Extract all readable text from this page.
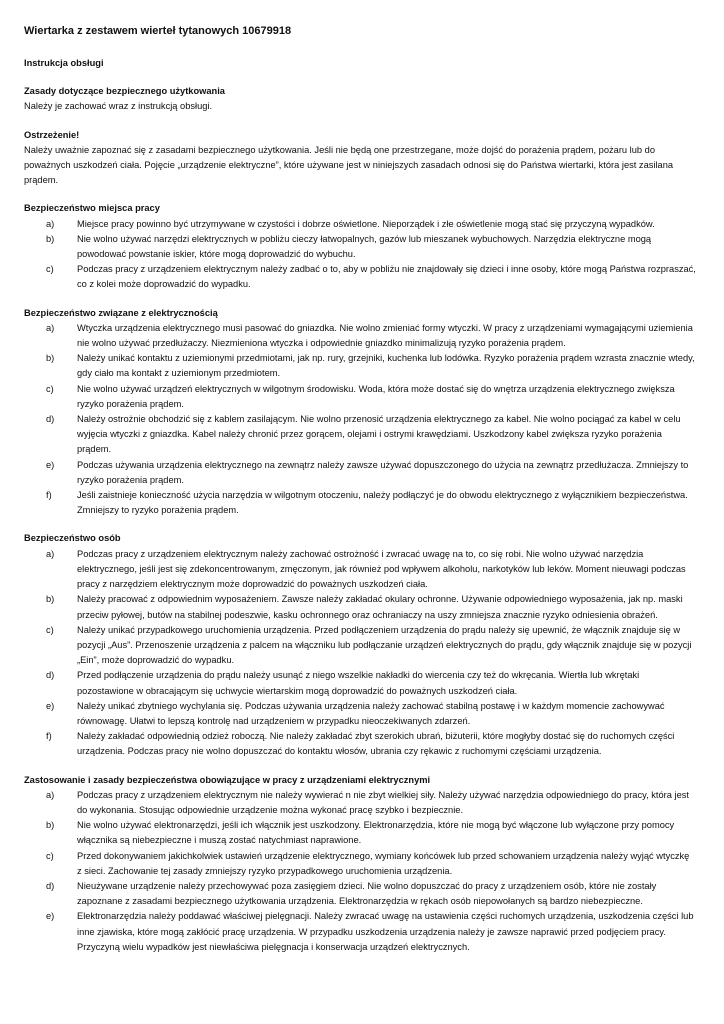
Wiertarka z zestawem wierteł tytanowych 10679918
Instrukcja obsługi
Zasady dotyczące bezpiecznego użytkowania
Należy je zachować wraz z instrukcją obsługi.
Ostrzeżenie!
Należy uważnie zapoznać się z zasadami bezpiecznego użytkowania. Jeśli nie będą one przestrzegane, może dojść do porażenia prądem, pożaru lub do poważnych uszkodzeń ciała. Pojęcie „urządzenie elektryczne”, które używane jest w niniejszych zasadach odnosi się do Państwa wiertarki, która jest zasilana prądem.
Bezpieczeństwo miejsca pracy
a)	Miejsce pracy powinno być utrzymywane w czystości i dobrze oświetlone. Nieporządek i złe oświetlenie mogą stać się przyczyną wypadków.
b)	Nie wolno używać narzędzi elektrycznych w pobliżu cieczy łatwopalnych, gazów lub mieszanek wybuchowych. Narzędzia elektryczne mogą powodować powstanie iskier, które mogą doprowadzić do wybuchu.
c)	Podczas pracy z urządzeniem elektrycznym należy zadbać o to, aby w pobliżu nie znajdowały się dzieci i inne osoby, które mogą Państwa rozpraszać, co z kolei może doprowadzić do wypadku.
Bezpieczeństwo związane z elektrycznością
a)	Wtyczka urządzenia elektrycznego musi pasować do gniazdka. Nie wolno zmieniać formy wtyczki. W pracy z urządzeniami wymagającymi uziemienia nie wolno używać przedłużaczy. Niezmieniona wtyczka i odpowiednie gniazdko minimalizują ryzyko porażenia prądem.
b)	Należy unikać kontaktu z uziemionymi przedmiotami, jak np. rury, grzejniki, kuchenka lub lodówka. Ryzyko porażenia prądem wzrasta znacznie wtedy, gdy ciało ma kontakt z uziemionym przedmiotem.
c)	Nie wolno używać urządzeń elektrycznych w wilgotnym środowisku. Woda, która może dostać się do wnętrza urządzenia elektrycznego zwiększa ryzyko porażenia prądem.
d)	Należy ostrożnie obchodzić się z kablem zasilającym. Nie wolno przenosić urządzenia elektrycznego za kabel. Nie wolno pociągać za kabel w celu wyjęcia wtyczki z gniazdka. Kabel należy chronić przez gorącem, olejami i ostrymi krawędziami. Uszkodzony kabel zwiększa ryzyko porażenia prądem.
e)	Podczas używania urządzenia elektrycznego na zewnątrz należy zawsze używać dopuszczonego do użycia na zewnątrz przedłużacza. Zmniejszy to ryzyko porażenia prądem.
f)	Jeśli zaistnieje konieczność użycia narzędzia w wilgotnym otoczeniu, należy podłączyć je do obwodu elektrycznego z wyłącznikiem bezpieczeństwa. Zmniejszy to ryzyko porażenia prądem.
Bezpieczeństwo osób
a)	Podczas pracy z urządzeniem elektrycznym należy zachować ostrożność i zwracać uwagę na to, co się robi. Nie wolno używać narzędzia elektrycznego, jeśli jest się zdekoncentrowanym, zmęczonym, jak również pod wpływem alkoholu, narkotyków lub leków. Moment nieuwagi podczas pracy z narzędziem elektrycznym może doprowadzić do poważnych uszkodzeń ciała.
b)	Należy pracować z odpowiednim wyposażeniem. Zawsze należy zakładać okulary ochronne. Używanie odpowiedniego wyposażenia, jak np. maski przeciw pyłowej, butów na stabilnej podeszwie, kasku ochronnego oraz ochraniaczy na uszy zmniejsza znacznie ryzyko odniesienia obrażeń.
c)	Należy unikać przypadkowego uruchomienia urządzenia. Przed podłączeniem urządzenia do prądu należy się upewnić, że włącznik znajduje się w pozycji „Aus”. Przenoszenie urządzenia z palcem na włączniku lub podłączanie urządzeń elektrycznych do prądu, gdy włącznik znajduje się w pozycji „Ein”, może doprowadzić do wypadku.
d)	Przed podłączenie urządzenia do prądu należy usunąć z niego wszelkie nakładki do wiercenia czy też do wkręcania. Wiertła lub wkrętaki pozostawione w obracającym się uchwycie wiertarskim mogą doprowadzić do poważnych uszkodzeń ciała.
e)	Należy unikać zbytniego wychylania się. Podczas używania urządzenia należy zachować stabilną postawę i w każdym momencie zachowywać równowagę. Ułatwi to lepszą kontrolę nad urządzeniem w przypadku nieoczekiwanych zdarzeń.
f)	Należy zakładać odpowiednią odzież roboczą. Nie należy zakładać zbyt szerokich ubrań, biżuterii, które mogłyby dostać się do ruchomych części urządzenia. Podczas pracy nie wolno dopuszczać do kontaktu włosów, ubrania czy rękawic z ruchomymi częściami urządzenia.
Zastosowanie i zasady bezpieczeństwa obowiązujące w pracy z urządzeniami elektrycznymi
a)	Podczas pracy z urządzeniem elektrycznym nie należy wywierać n nie zbyt wielkiej siły. Należy używać narzędzia odpowiedniego do pracy, która jest do wykonania. Stosując odpowiednie urządzenie można wykonać pracę szybko i bezpiecznie.
b)	Nie wolno używać elektronarzędzi, jeśli ich włącznik jest uszkodzony. Elektronarzędzia, które nie mogą być włączone lub wyłączone przy pomocy włącznika są niebezpieczne i muszą zostać natychmiast naprawione.
c)	Przed dokonywaniem jakichkolwiek ustawień urządzenie elektrycznego, wymiany końcówek lub przed schowaniem urządzenia należy wyjąć wtyczkę z sieci. Zachowanie tej zasady zmniejszy ryzyko przypadkowego uruchomienia urządzenia.
d)	Nieużywane urządzenie należy przechowywać poza zasięgiem dzieci. Nie wolno dopuszczać do pracy z urządzeniem osób, które nie zostały zapoznane z zasadami bezpiecznego użytkowania urządzenia. Elektronarzędzia w rękach osób niepowołanych są bardzo niebezpieczne.
e)	Elektronarzędzia należy poddawać właściwej pielęgnacji. Należy zwracać uwagę na ustawienia części ruchomych urządzenia, uszkodzenia części lub inne zjawiska, które mogą zakłócić pracę urządzenia. W przypadku uszkodzenia urządzenia należy je zawsze naprawić przed podjęciem pracy. Przyczyną wielu wypadków jest niewłaściwa pielęgnacja i konserwacja urządzeń elektrycznych.
